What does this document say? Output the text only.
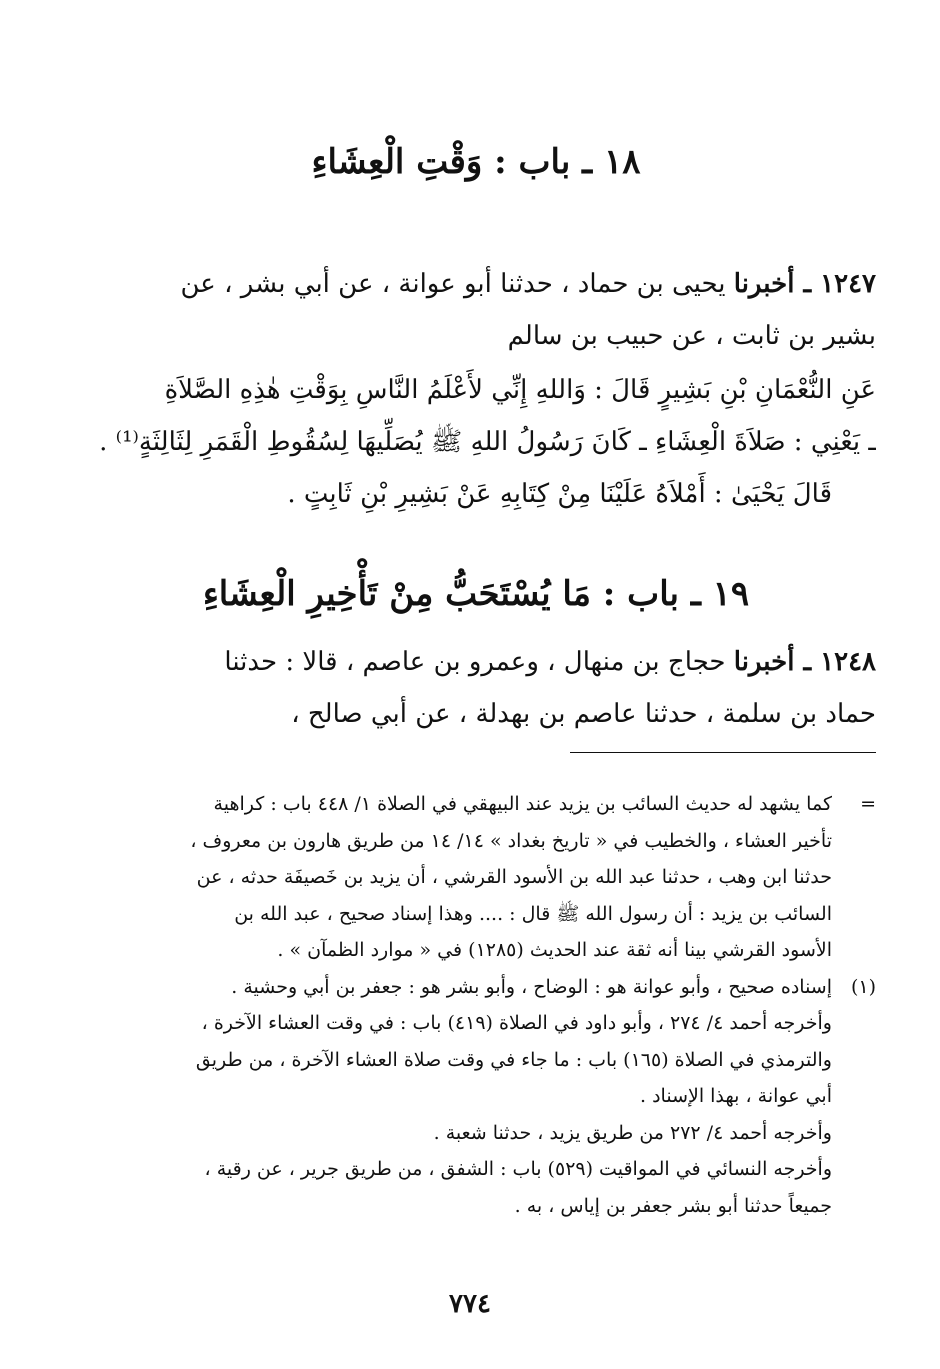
١٨ ـ باب : وَقْتِ الْعِشَاءِ
١٢٤٧ ـ أخبرنا يحيى بن حماد ، حدثنا أبو عوانة ، عن أبي بشر ، عن
بشير بن ثابت ، عن حبيب بن سالم
عَنِ النُّعْمَانِ بْنِ بَشِيرٍ قَالَ : وَاللهِ إِنِّي لأَعْلَمُ النَّاسِ بِوَقْتِ هٰذِهِ الصَّلاَةِ
ـ يَعْنِي : صَلاَةَ الْعِشَاءِ ـ كَانَ رَسُولُ اللهِ ﷺ يُصَلِّيهَا لِسُقُوطِ الْقَمَرِ لِثَالِثَةٍ⁽¹⁾ .
قَالَ يَحْيَىٰ : أَمْلاَهُ عَلَيْنَا مِنْ كِتَابِهِ عَنْ بَشِيرِ بْنِ ثَابِتٍ .
١٩ ـ باب : مَا يُسْتَحَبُّ مِنْ تَأْخِيرِ الْعِشَاءِ
١٢٤٨ ـ أخبرنا حجاج بن منهال ، وعمرو بن عاصم ، قالا : حدثنا
حماد بن سلمة ، حدثنا عاصم بن بهدلة ، عن أبي صالح ،
=
كما يشهد له حديث السائب بن يزيد عند البيهقي في الصلاة ١/ ٤٤٨ باب : كراهية
تأخير العشاء ، والخطيب في « تاريخ بغداد » ١٤/ ١٤ من طريق هارون بن معروف ،
حدثنا ابن وهب ، حدثنا عبد الله بن الأسود القرشي ، أن يزيد بن خَصيفَة حدثه ، عن
السائب بن يزيد : أن رسول الله ﷺ قال : .... وهذا إسناد صحيح ، عبد الله بن
الأسود القرشي بينا أنه ثقة عند الحديث (١٢٨٥) في « موارد الظمآن » .
(١)
إسناده صحيح ، وأبو عوانة هو : الوضاح ، وأبو بشر هو : جعفر بن أبي وحشية .
وأخرجه أحمد ٤/ ٢٧٤ ، وأبو داود في الصلاة (٤١٩) باب : في وقت العشاء الآخرة ،
والترمذي في الصلاة (١٦٥) باب : ما جاء في وقت صلاة العشاء الآخرة ، من طريق
أبي عوانة ، بهذا الإسناد .
وأخرجه أحمد ٤/ ٢٧٢ من طريق يزيد ، حدثنا شعبة .
وأخرجه النسائي في المواقيت (٥٢٩) باب : الشفق ، من طريق جرير ، عن رقية ،
جميعاً حدثنا أبو بشر جعفر بن إياس ، به .
٧٧٤
